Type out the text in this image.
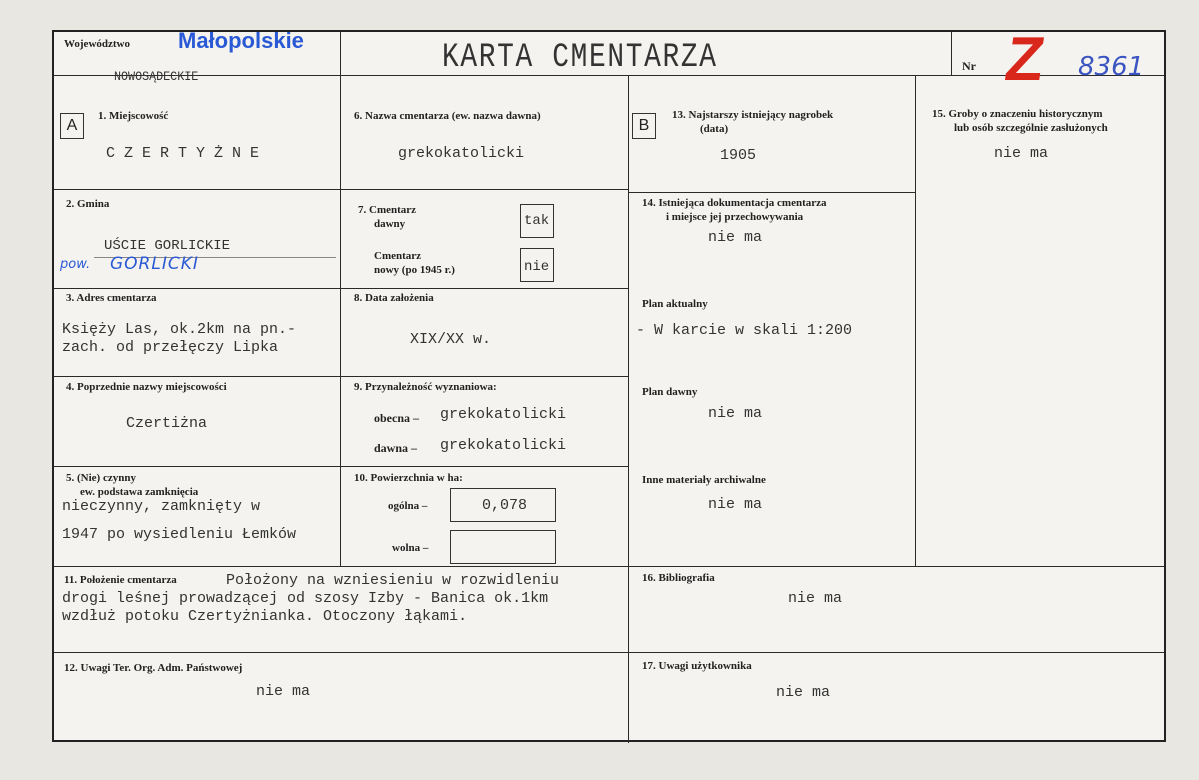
Województwo Małopolskie
NOWOSĄDECKIE	KARTA CMENTARZA	Nr Z 8361
A
1. Miejscowość
C Z E R T Y Ż N E
2. Gmina
UŚCIE GORLICKIE
pow. GORLICKI
3. Adres cmentarza
Księży Las, ok.2km na pn.-
zach. od przełęczy Lipka
4. Poprzednie nazwy miejscowości
Czertiżna
5. (Nie) czynny
ew. podstawa zamknięcia
nieczynny, zamknięty w
1947 po wysiedleniu Łemków
6. Nazwa cmentarza (ew. nazwa dawna)
grekokatolicki
7. Cmentarz
dawny	tak
Cmentarz
nowy (po 1945 r.)	nie
8. Data założenia
XIX/XX w.
9. Przynależność wyznaniowa:
obecna – grekokatolicki
dawna – grekokatolicki
10. Powierzchnia w ha:
ogólna –	0,078
wolna –
11. Położenie cmentarza	Położony na wzniesieniu w rozwidleniu
drogi leśnej prowadzącej od szosy Izby - Banica ok.1km
wzdłuż potoku Czertyżnianka. Otoczony łąkami.
12. Uwagi Ter. Org. Adm. Państwowej
nie ma
B
13. Najstarszy istniejący nagrobek
(data)
1905
14. Istniejąca dokumentacja cmentarza
i miejsce jej przechowywania
nie ma
Plan aktualny
- W karcie w skali 1:200
Plan dawny
nie ma
Inne materiały archiwalne
nie ma
15. Groby o znaczeniu historycznym
lub osób szczególnie zasłużonych
nie ma
16. Bibliografia
nie ma
17. Uwagi użytkownika
nie ma
